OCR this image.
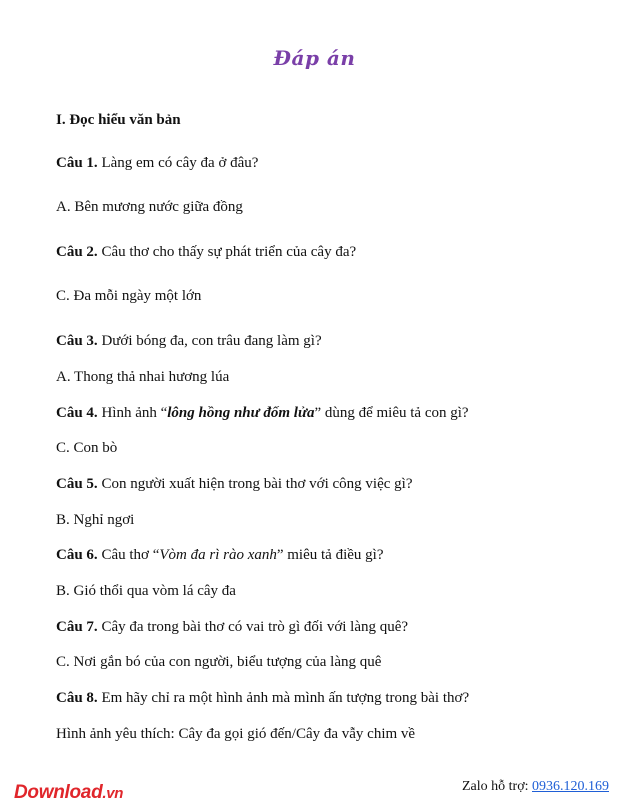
Đáp án
I. Đọc hiểu văn bản
Câu 1. Làng em có cây đa ở đâu?
A. Bên mương nước giữa đồng
Câu 2. Câu thơ cho thấy sự phát triển của cây đa?
C. Đa mỗi ngày một lớn
Câu 3. Dưới bóng đa, con trâu đang làm gì?
A. Thong thả nhai hương lúa
Câu 4. Hình ảnh “lông hồng như đốm lửa” dùng để miêu tả con gì?
C. Con bò
Câu 5. Con người xuất hiện trong bài thơ với công việc gì?
B. Nghỉ ngơi
Câu 6. Câu thơ “Vòm đa rì rào xanh” miêu tả điều gì?
B. Gió thổi qua vòm lá cây đa
Câu 7. Cây đa trong bài thơ có vai trò gì đối với làng quê?
C. Nơi gắn bó của con người, biểu tượng của làng quê
Câu 8. Em hãy chỉ ra một hình ảnh mà mình ấn tượng trong bài thơ?
Hình ảnh yêu thích: Cây đa gọi gió đến/Cây đa vẫy chim về
Download.vn	Zalo hỗ trợ: 0936.120.169
